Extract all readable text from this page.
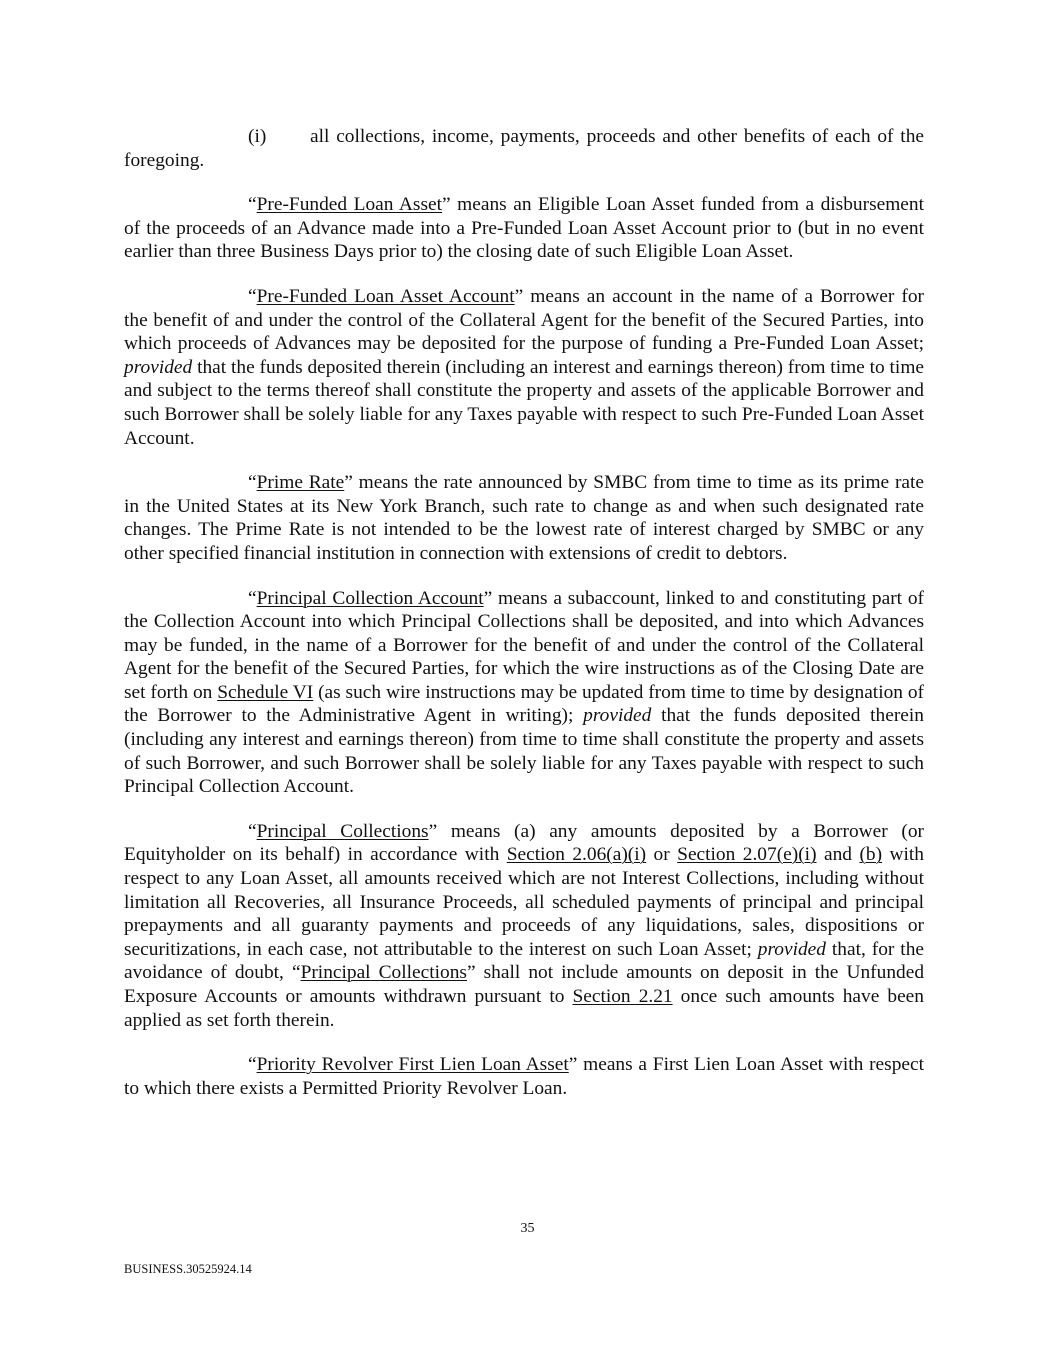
(i) all collections, income, payments, proceeds and other benefits of each of the foregoing.

“Pre-Funded Loan Asset” means an Eligible Loan Asset funded from a disbursement of the proceeds of an Advance made into a Pre-Funded Loan Asset Account prior to (but in no event earlier than three Business Days prior to) the closing date of such Eligible Loan Asset.

“Pre-Funded Loan Asset Account” means an account in the name of a Borrower for the benefit of and under the control of the Collateral Agent for the benefit of the Secured Parties, into which proceeds of Advances may be deposited for the purpose of funding a Pre-Funded Loan Asset; provided that the funds deposited therein (including an interest and earnings thereon) from time to time and subject to the terms thereof shall constitute the property and assets of the applicable Borrower and such Borrower shall be solely liable for any Taxes payable with respect to such Pre-Funded Loan Asset Account.

“Prime Rate” means the rate announced by SMBC from time to time as its prime rate in the United States at its New York Branch, such rate to change as and when such designated rate changes. The Prime Rate is not intended to be the lowest rate of interest charged by SMBC or any other specified financial institution in connection with extensions of credit to debtors.

“Principal Collection Account” means a subaccount, linked to and constituting part of the Collection Account into which Principal Collections shall be deposited, and into which Advances may be funded, in the name of a Borrower for the benefit of and under the control of the Collateral Agent for the benefit of the Secured Parties, for which the wire instructions as of the Closing Date are set forth on Schedule VI (as such wire instructions may be updated from time to time by designation of the Borrower to the Administrative Agent in writing); provided that the funds deposited therein (including any interest and earnings thereon) from time to time shall constitute the property and assets of such Borrower, and such Borrower shall be solely liable for any Taxes payable with respect to such Principal Collection Account.

“Principal Collections” means (a) any amounts deposited by a Borrower (or Equityholder on its behalf) in accordance with Section 2.06(a)(i) or Section 2.07(e)(i) and (b) with respect to any Loan Asset, all amounts received which are not Interest Collections, including without limitation all Recoveries, all Insurance Proceeds, all scheduled payments of principal and principal prepayments and all guaranty payments and proceeds of any liquidations, sales, dispositions or securitizations, in each case, not attributable to the interest on such Loan Asset; provided that, for the avoidance of doubt, “Principal Collections” shall not include amounts on deposit in the Unfunded Exposure Accounts or amounts withdrawn pursuant to Section 2.21 once such amounts have been applied as set forth therein.

“Priority Revolver First Lien Loan Asset” means a First Lien Loan Asset with respect to which there exists a Permitted Priority Revolver Loan.

35
BUSINESS.30525924.14
